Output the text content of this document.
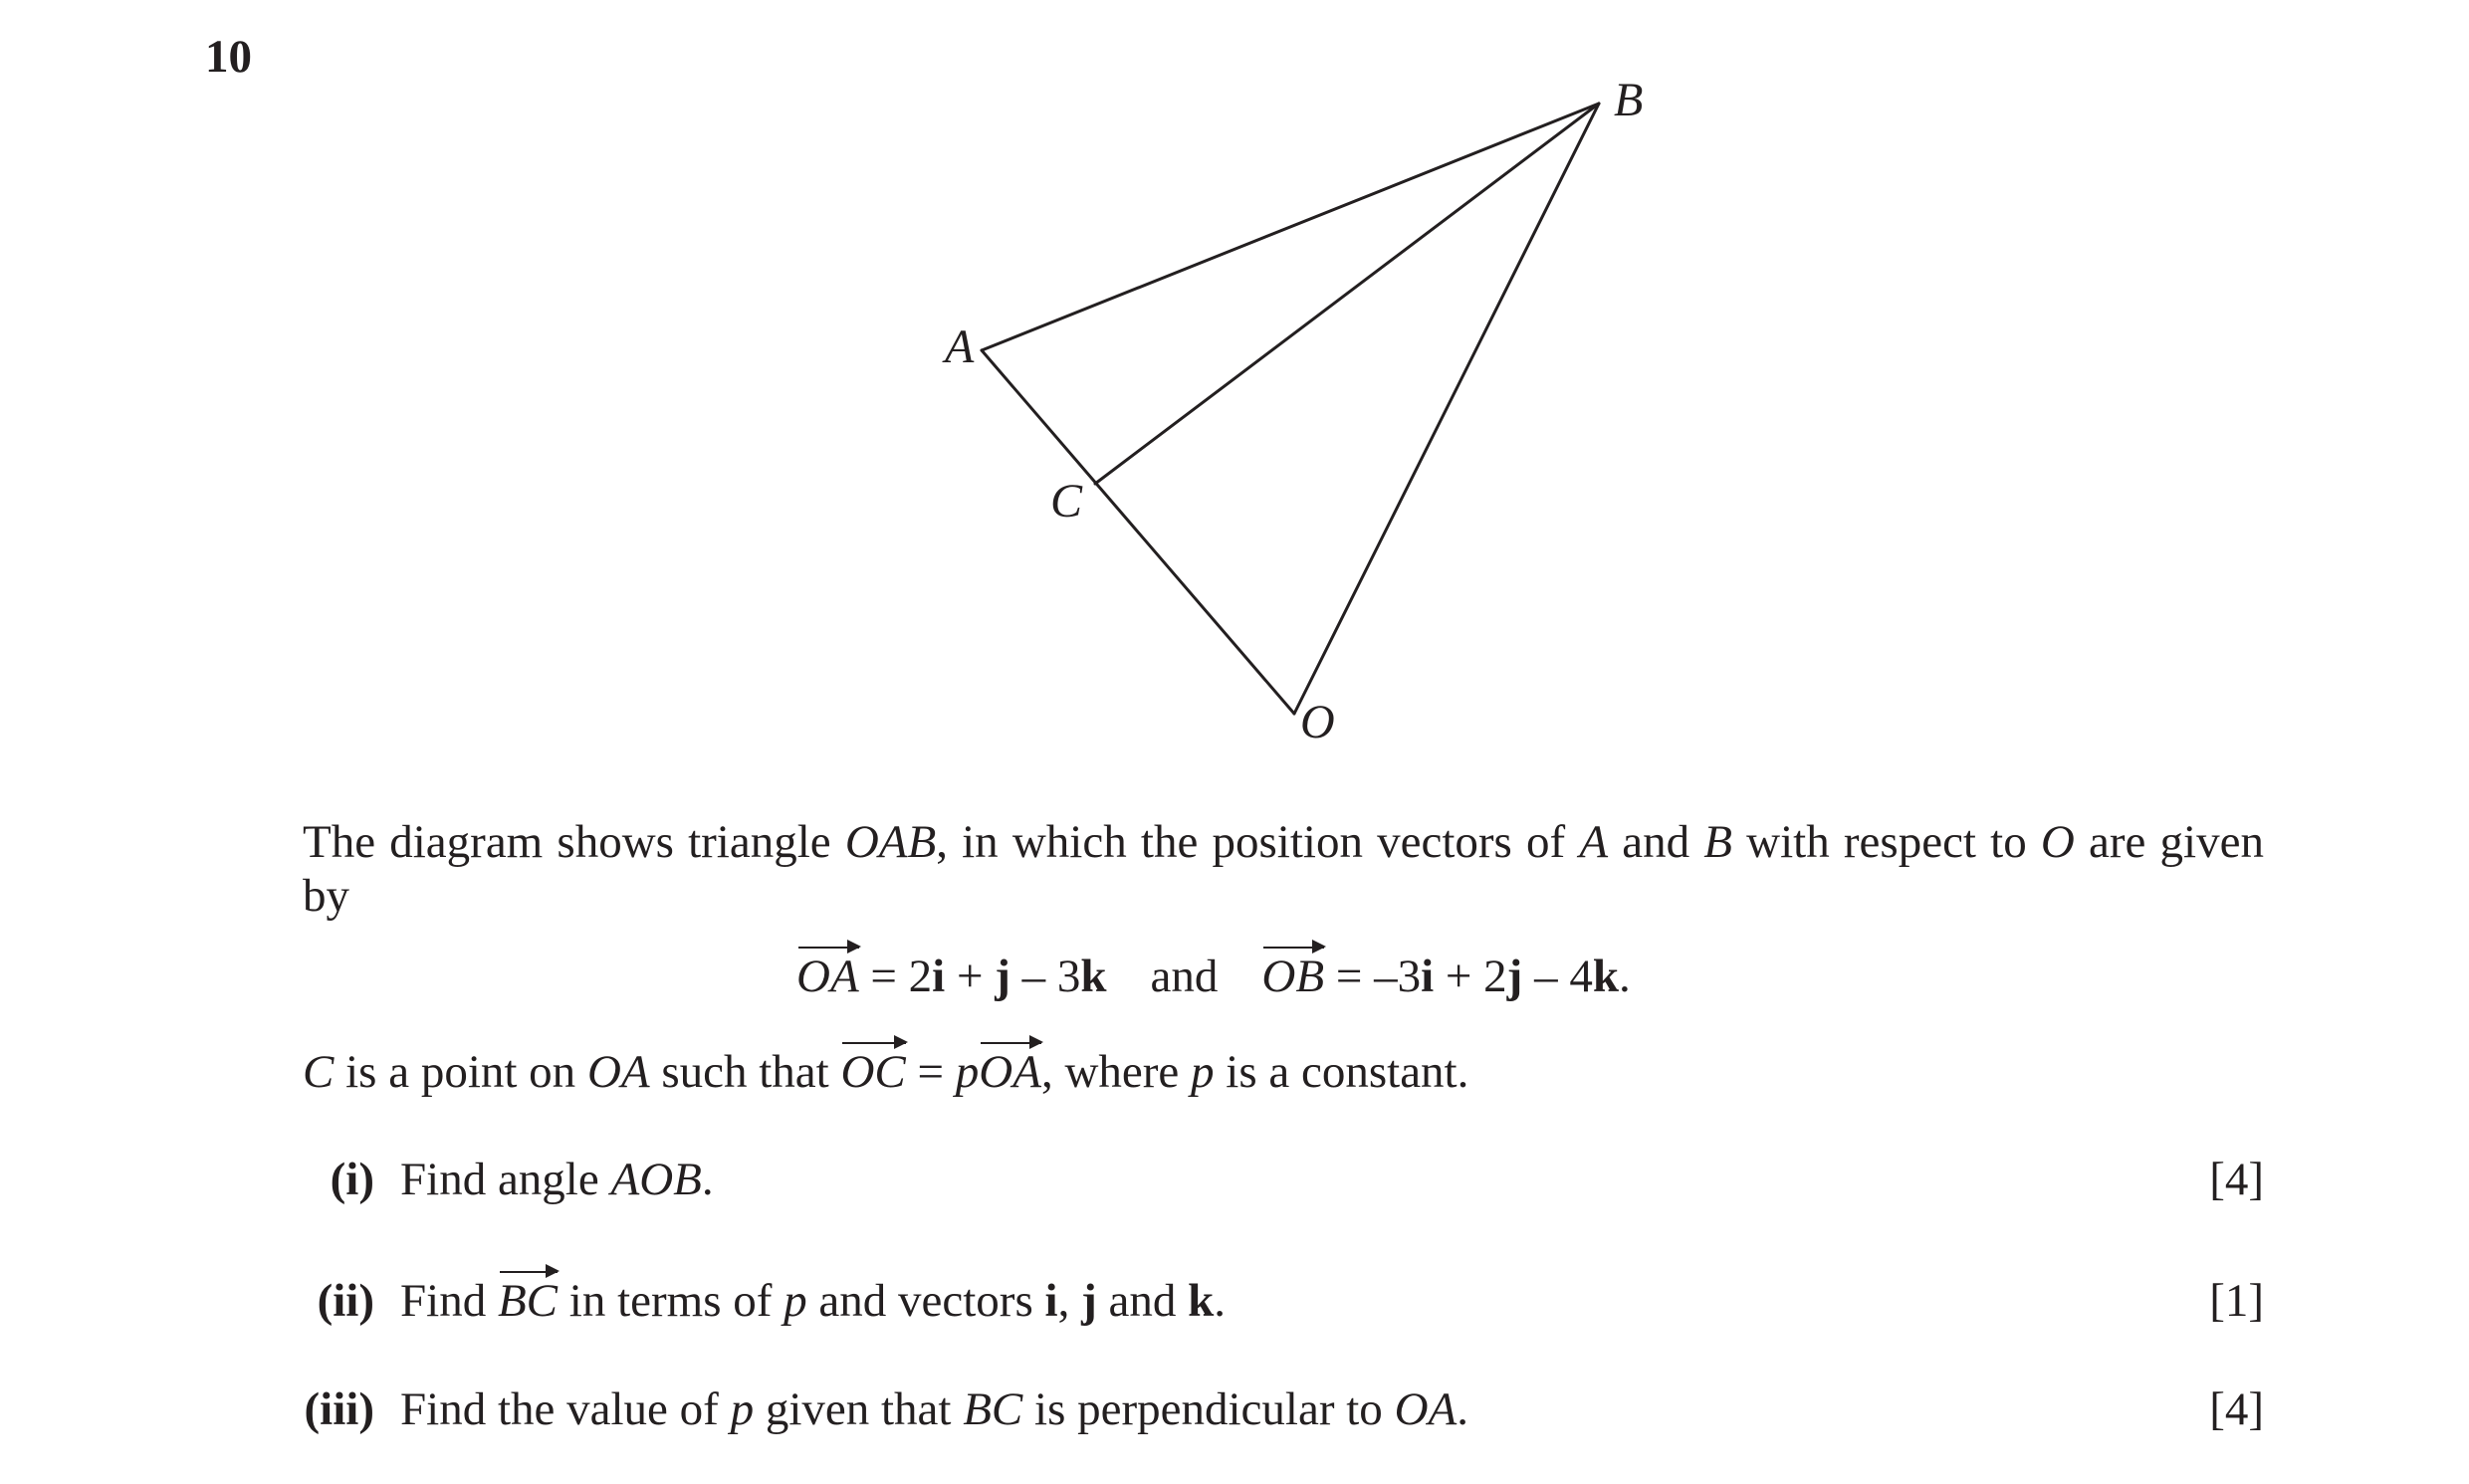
10
A
B
C
O
The diagram shows triangle OAB, in which the position vectors of A and B with respect to O are given by
OA = 2i + j – 3k and OB = –3i + 2j – 4k.
C is a point on OA such that OC = pOA, where p is a constant.
(i) Find angle AOB.	[4]
(ii) Find BC in terms of p and vectors i, j and k.	[1]
(iii) Find the value of p given that BC is perpendicular to OA.	[4]
